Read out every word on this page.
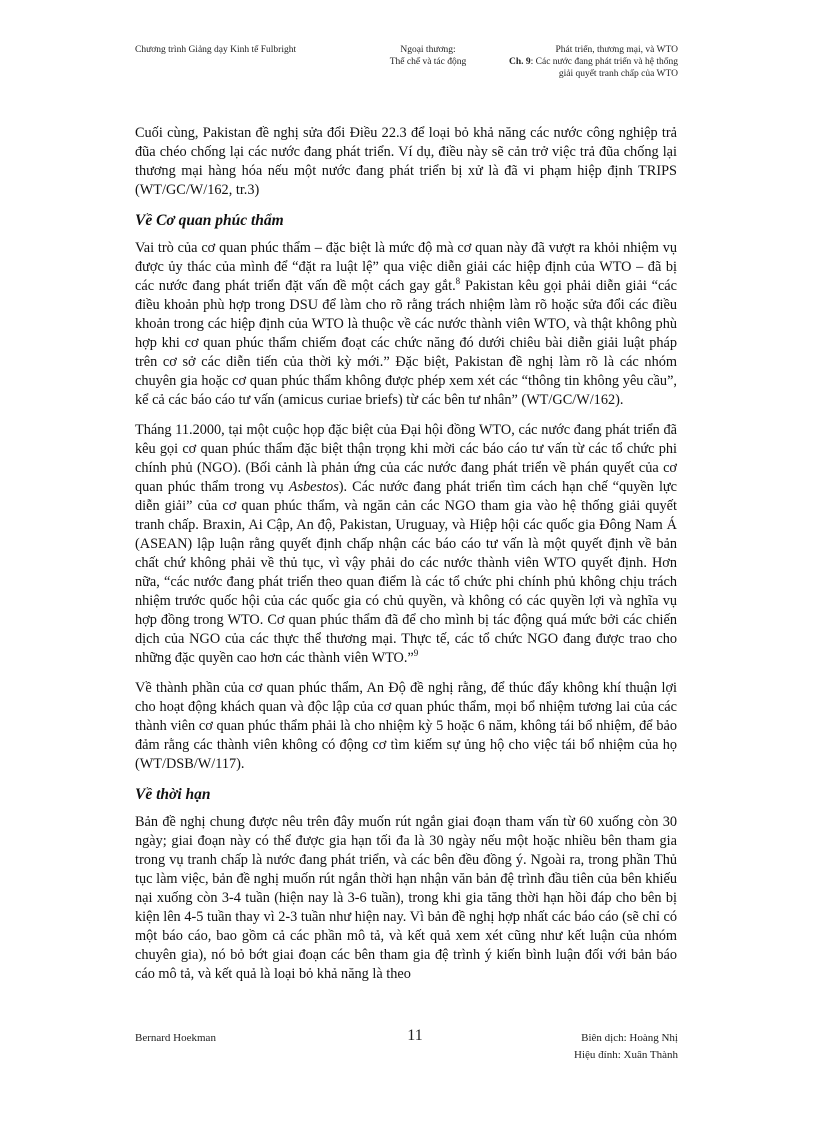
Chương trình Giảng dạy Kinh tế Fulbright	Ngoại thương:
Thể chế và tác động
Phát triển, thương mại, và WTO
Ch. 9: Các nước đang phát triển và hệ thống
giải quyết tranh chấp của WTO

Cuối cùng, Pakistan đề nghị sửa đổi Điều 22.3 để loại bỏ khả năng các nước công nghiệp trả đũa chéo chống lại các nước đang phát triển. Ví dụ, điều này sẽ cản trở việc trả đũa chống lại thương mại hàng hóa nếu một nước đang phát triển bị xử là đã vi phạm hiệp định TRIPS (WT/GC/W/162, tr.3)

Về Cơ quan phúc thẩm

Vai trò của cơ quan phúc thẩm – đặc biệt là mức độ mà cơ quan này đã vượt ra khỏi nhiệm vụ được ủy thác của mình để “đặt ra luật lệ” qua việc diễn giải các hiệp định của WTO – đã bị các nước đang phát triển đặt vấn đề một cách gay gắt.$^8$ Pakistan kêu gọi phải diễn giải “các điều khoản phù hợp trong DSU để làm cho rõ rằng trách nhiệm làm rõ hoặc sửa đổi các điều khoản trong các hiệp định của WTO là thuộc về các nước thành viên WTO, và thật không phù hợp khi cơ quan phúc thẩm chiếm đoạt các chức năng đó dưới chiêu bài diễn giải luật pháp trên cơ sở các diễn tiến của thời kỳ mới.” Đặc biệt, Pakistan đề nghị làm rõ là các nhóm chuyên gia hoặc cơ quan phúc thẩm không được phép xem xét các “thông tin không yêu cầu”, kể cả các báo cáo tư vấn (amicus curiae briefs) từ các bên tư nhân” (WT/GC/W/162).

Tháng 11.2000, tại một cuộc họp đặc biệt của Đại hội đồng WTO, các nước đang phát triển đã kêu gọi cơ quan phúc thẩm đặc biệt thận trọng khi mời các báo cáo tư vấn từ các tổ chức phi chính phủ (NGO). (Bối cảnh là phản ứng của các nước đang phát triển về phán quyết của cơ quan phúc thẩm trong vụ Asbestos). Các nước đang phát triển tìm cách hạn chế “quyền lực diễn giải” của cơ quan phúc thẩm, và ngăn cản các NGO tham gia vào hệ thống giải quyết tranh chấp. Braxin, Ai Cập, An độ, Pakistan, Uruguay, và Hiệp hội các quốc gia Đông Nam Á (ASEAN) lập luận rằng quyết định chấp nhận các báo cáo tư vấn là một quyết định về bản chất chứ không phải về thủ tục, vì vậy phải do các nước thành viên WTO quyết định. Hơn nữa, “các nước đang phát triển theo quan điểm là các tổ chức phi chính phủ không chịu trách nhiệm trước quốc hội của các quốc gia có chủ quyền, và không có các quyền lợi và nghĩa vụ hợp đồng trong WTO. Cơ quan phúc thẩm đã để cho mình bị tác động quá mức bởi các chiến dịch của NGO của các thực thể thương mại. Thực tế, các tổ chức NGO đang được trao cho những đặc quyền cao hơn các thành viên WTO.”$^9$

Về thành phần của cơ quan phúc thẩm, An Độ đề nghị rằng, để thúc đẩy không khí thuận lợi cho hoạt động khách quan và độc lập của cơ quan phúc thẩm, mọi bổ nhiệm tương lai của các thành viên cơ quan phúc thẩm phải là cho nhiệm kỳ 5 hoặc 6 năm, không tái bổ nhiệm, để bảo đảm rằng các thành viên không có động cơ tìm kiếm sự ủng hộ cho việc tái bổ nhiệm của họ (WT/DSB/W/117).

Về thời hạn

Bản đề nghị chung được nêu trên đây muốn rút ngắn giai đoạn tham vấn từ 60 xuống còn 30 ngày; giai đoạn này có thể được gia hạn tối đa là 30 ngày nếu một hoặc nhiều bên tham gia trong vụ tranh chấp là nước đang phát triển, và các bên đều đồng ý. Ngoài ra, trong phần Thủ tục làm việc, bản đề nghị muốn rút ngắn thời hạn nhận văn bản đệ trình đầu tiên của bên khiếu nại xuống còn 3-4 tuần (hiện nay là 3-6 tuần), trong khi gia tăng thời hạn hồi đáp cho bên bị kiện lên 4-5 tuần thay vì 2-3 tuần như hiện nay. Vì bản đề nghị hợp nhất các báo cáo (sẽ chỉ có một báo cáo, bao gồm cả các phần mô tả, và kết quả xem xét cũng như kết luận của nhóm chuyên gia), nó bỏ bớt giai đoạn các bên tham gia đệ trình ý kiến bình luận đối với bản báo cáo mô tả, và kết quả là loại bỏ khả năng là theo

Bernard Hoekman	11	Biên dịch: Hoàng Nhị
Hiệu đính: Xuân Thành
